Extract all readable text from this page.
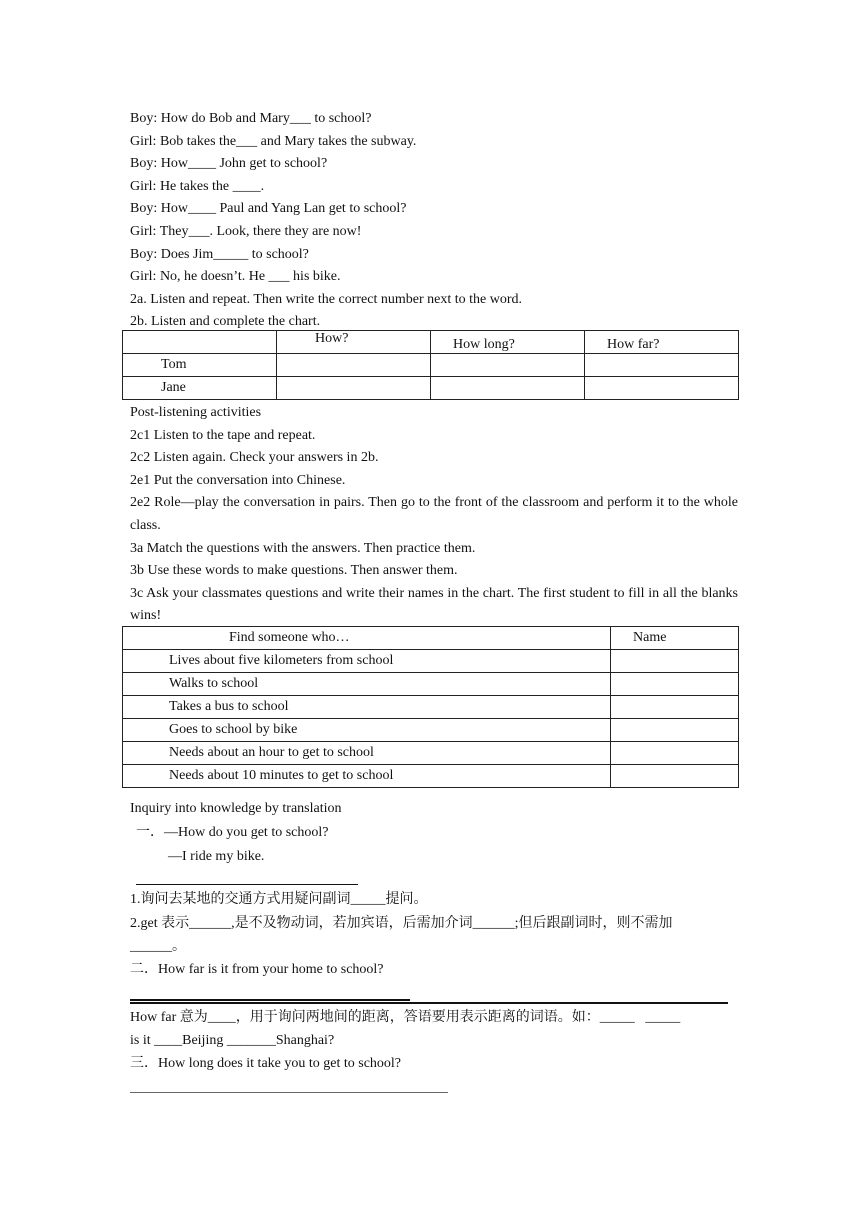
Boy: How do Bob and Mary___ to school?
Girl: Bob takes the___ and Mary takes the subway.
Boy: How____ John get to school?
Girl: He takes the ____.
Boy: How____ Paul and Yang Lan get to school?
Girl: They___. Look, there they are now!
Boy: Does Jim_____ to school?
Girl: No, he doesn’t. He ___ his bike.
2a. Listen and repeat. Then write the correct number next to the word.
2b. Listen and complete the chart.
	How?	How long?	How far?
Tom			
Jane			
Post-listening activities
2c1 Listen to the tape and repeat.
2c2 Listen again. Check your answers in 2b.
2e1 Put the conversation into Chinese.
2e2 Role—play the conversation in pairs. Then go to the front of the classroom and perform it to the whole class.
3a Match the questions with the answers. Then practice them.
3b Use these words to make questions. Then answer them.
3c Ask your classmates questions and write their names in the chart. The first student to fill in all the blanks wins!
Find someone who…	Name
Lives about five kilometers from school	
Walks to school	
Takes a bus to school	
Goes to school by bike	
Needs about an hour to get to school	
Needs about 10 minutes to get to school	
Inquiry into knowledge by translation
一．—How do you get to school?
—I ride my bike.
1.询问去某地的交通方式用疑问副词_____提问。
2.get 表示______,是不及物动词，若加宾语，后需加介词______;但后跟副词时，则不需加
______。
二．How far is it from your home to school?
How far 意为____，用于询问两地间的距离，答语要用表示距离的词语。如：_____   _____
is it ____Beijing _______Shanghai?
三．How long does it take you to get to school?
